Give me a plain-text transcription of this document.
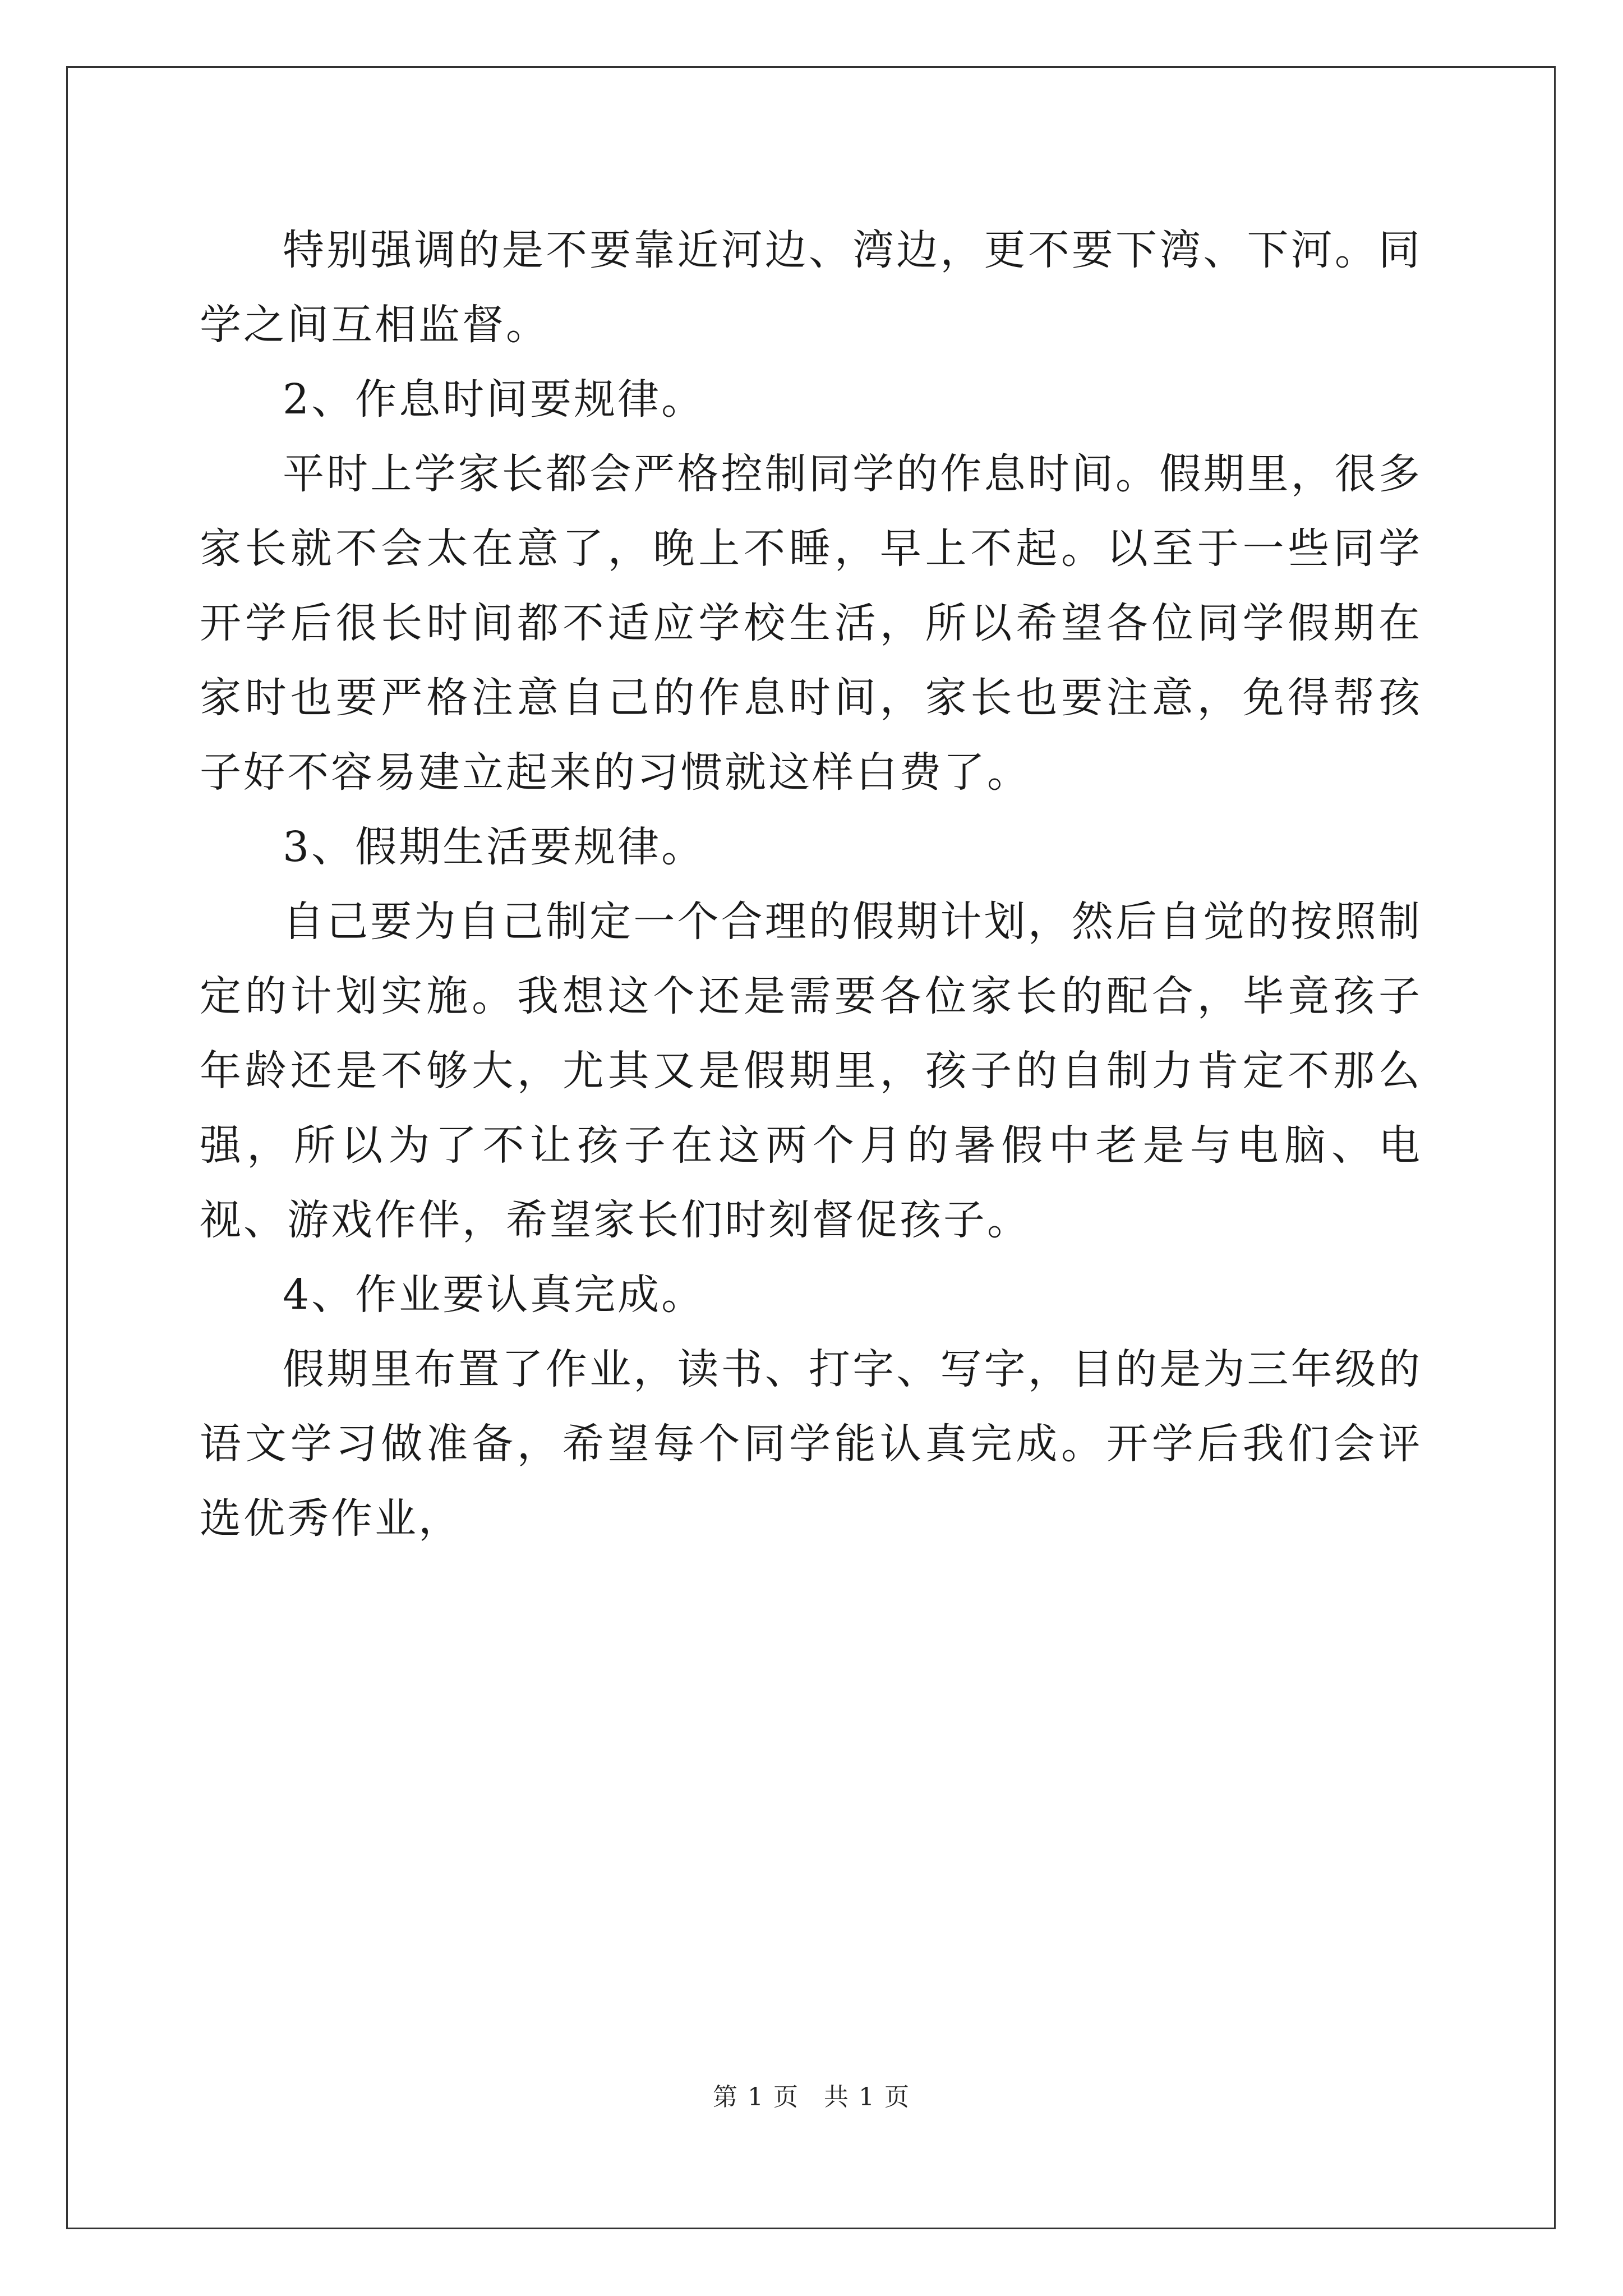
特别强调的是不要靠近河边、湾边，更不要下湾、下河。同学之间互相监督。

2、作息时间要规律。

平时上学家长都会严格控制同学的作息时间。假期里，很多家长就不会太在意了，晚上不睡，早上不起。以至于一些同学开学后很长时间都不适应学校生活，所以希望各位同学假期在家时也要严格注意自己的作息时间，家长也要注意，免得帮孩子好不容易建立起来的习惯就这样白费了。

3、假期生活要规律。

自己要为自己制定一个合理的假期计划，然后自觉的按照制定的计划实施。我想这个还是需要各位家长的配合，毕竟孩子年龄还是不够大，尤其又是假期里，孩子的自制力肯定不那么强，所以为了不让孩子在这两个月的暑假中老是与电脑、电视、游戏作伴，希望家长们时刻督促孩子。

4、作业要认真完成。

假期里布置了作业，读书、打字、写字，目的是为三年级的语文学习做准备，希望每个同学能认真完成。开学后我们会评选优秀作业，

第 1 页 共 1 页
